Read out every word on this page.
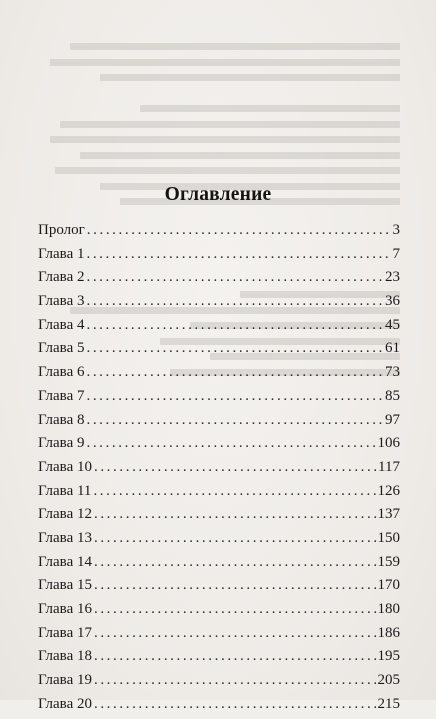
Оглавление
Пролог .....	3
Глава 1 .....	7
Глава 2 .....	23
Глава 3 .....	36
Глава 4 .....	45
Глава 5 .....	61
Глава 6 .....	73
Глава 7 .....	85
Глава 8 .....	97
Глава 9 .....	106
Глава 10 .....	117
Глава 11 .....	126
Глава 12 .....	137
Глава 13 .....	150
Глава 14 .....	159
Глава 15 .....	170
Глава 16 .....	180
Глава 17 .....	186
Глава 18 .....	195
Глава 19 .....	205
Глава 20 .....	215
